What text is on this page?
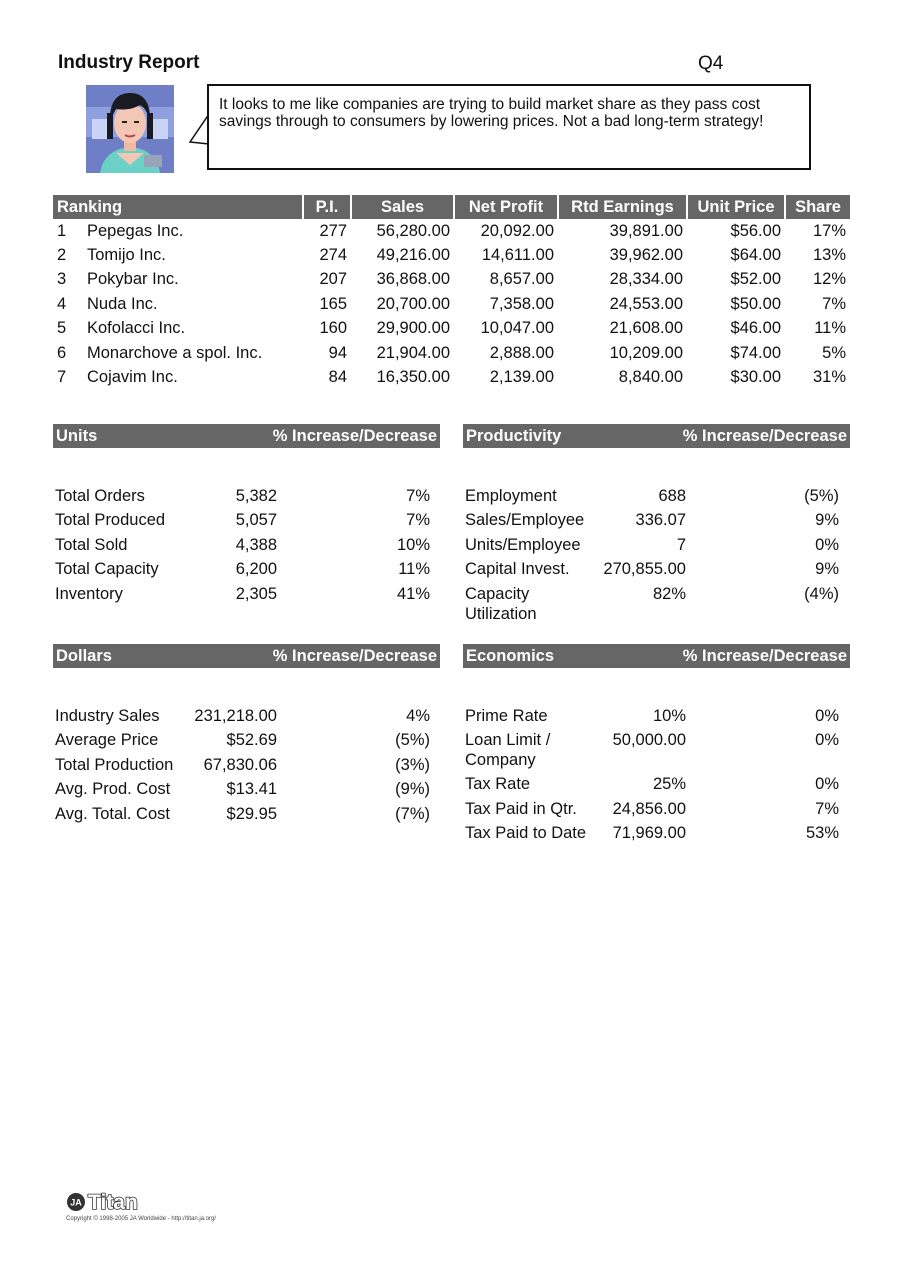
Industry Report	Q4
It looks to me like companies are trying to build market share as they pass cost savings through to consumers by lowering prices. Not a bad long-term strategy!
Ranking	P.I.	Sales	Net Profit	Rtd Earnings	Unit Price	Share
1 Pepegas Inc.	277	56,280.00	20,092.00	39,891.00	$56.00	17%
2 Tomijo Inc.	274	49,216.00	14,611.00	39,962.00	$64.00	13%
3 Pokybar Inc.	207	36,868.00	8,657.00	28,334.00	$52.00	12%
4 Nuda Inc.	165	20,700.00	7,358.00	24,553.00	$50.00	7%
5 Kofolacci Inc.	160	29,900.00	10,047.00	21,608.00	$46.00	11%
6 Monarchove a spol. Inc.	94	21,904.00	2,888.00	10,209.00	$74.00	5%
7 Cojavim Inc.	84	16,350.00	2,139.00	8,840.00	$30.00	31%
Units	% Increase/Decrease
Total Orders	5,382	7%
Total Produced	5,057	7%
Total Sold	4,388	10%
Total Capacity	6,200	11%
Inventory	2,305	41%
Productivity	% Increase/Decrease
Employment	688	(5%)
Sales/Employee	336.07	9%
Units/Employee	7	0%
Capital Invest.	270,855.00	9%
Capacity Utilization	82%	(4%)
Dollars	% Increase/Decrease
Industry Sales	231,218.00	4%
Average Price	$52.69	(5%)
Total Production	67,830.06	(3%)
Avg. Prod. Cost	$13.41	(9%)
Avg. Total. Cost	$29.95	(7%)
Economics	% Increase/Decrease
Prime Rate	10%	0%
Loan Limit / Company	50,000.00	0%
Tax Rate	25%	0%
Tax Paid in Qtr.	24,856.00	7%
Tax Paid to Date	71,969.00	53%
JA Titan
Copyright © 1998-2005 JA Worldwide - http://titan.ja.org/
